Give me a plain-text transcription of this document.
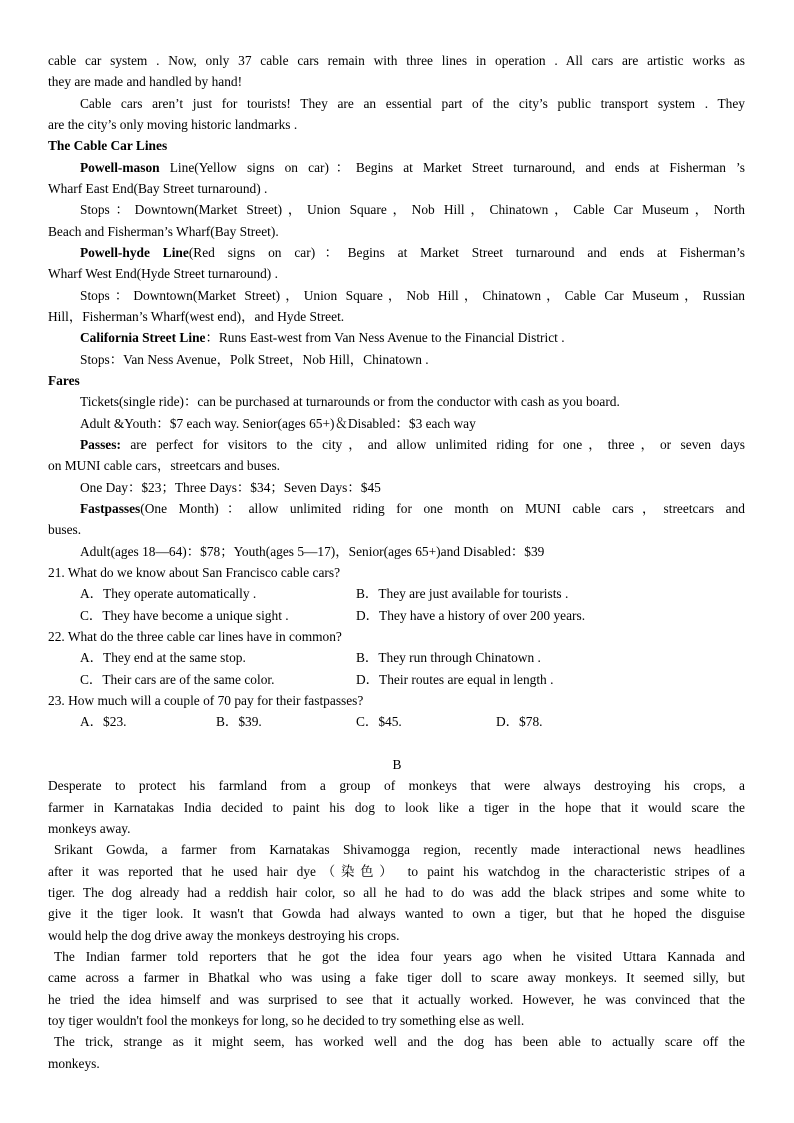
cable car system . Now, only 37 cable cars remain with three lines in operation . All cars are artistic works as
they are made and handled by hand!
Cable cars aren’t just for tourists! They are an essential part of the city’s public transport system . They
are the city’s only moving historic landmarks .
The Cable Car Lines
Powell-mason Line(Yellow signs on car)：Begins at Market Street turnaround, and ends at Fisherman ’s
Wharf East End(Bay Street turnaround) .
Stops：Downtown(Market Street)，Union Square，Nob Hill，Chinatown，Cable Car Museum，North
Beach and Fisherman’s Wharf(Bay Street).
Powell-hyde Line(Red signs on car)：Begins at Market Street turnaround and ends at Fisherman’s
Wharf West End(Hyde Street turnaround) .
Stops：Downtown(Market Street)，Union Square，Nob Hill，Chinatown，Cable Car Museum，Russian
Hill，Fisherman’s Wharf(west end)，and Hyde Street.
California Street Line：Runs East-west from Van Ness Avenue to the Financial District .
Stops：Van Ness Avenue，Polk Street，Nob Hill，Chinatown .
Fares
Tickets(single ride)：can be purchased at turnarounds or from the conductor with cash as you board.
Adult &Youth：$7 each way. Senior(ages 65+)＆Disabled：$3 each way
Passes: are perfect for visitors to the city，and allow unlimited riding for one，three，or seven days
on MUNI cable cars，streetcars and buses.
One Day：$23；Three Days：$34；Seven Days：$45
Fastpasses(One Month)：allow unlimited riding for one month on MUNI cable cars，streetcars and
buses.
Adult(ages 18—64)：$78；Youth(ages 5—17)，Senior(ages 65+)and Disabled：$39
21. What do we know about San Francisco cable cars?
A．They operate automatically .	B．They are just available for tourists .
C．They have become a unique sight .	D．They have a history of over 200 years.
22. What do the three cable car lines have in common?
A．They end at the same stop.	B．They run through Chinatown .
C．Their cars are of the same color.	D．Their routes are equal in length .
23. How much will a couple of 70 pay for their fastpasses?
A．$23.	B．$39.	C．$45.	D．$78.
B
Desperate to protect his farmland from a group of monkeys that were always destroying his crops, a
farmer in Karnatakas India decided to paint his dog to look like a tiger in the hope that it would scare the
monkeys away.
Srikant Gowda, a farmer from Karnatakas Shivamogga region, recently made interactional news headlines
after it was reported that he used hair dye（染色） to paint his watchdog in the characteristic stripes of a
tiger. The dog already had a reddish hair color, so all he had to do was add the black stripes and some white to
give it the tiger look. It wasn't that Gowda had always wanted to own a tiger, but that he hoped the disguise
would help the dog drive away the monkeys destroying his crops.
The Indian farmer told reporters that he got the idea four years ago when he visited Uttara Kannada and
came across a farmer in Bhatkal who was using a fake tiger doll to scare away monkeys. It seemed silly, but
he tried the idea himself and was surprised to see that it actually worked. However, he was convinced that the
toy tiger wouldn't fool the monkeys for long, so he decided to try something else as well.
The trick, strange as it might seem, has worked well and the dog has been able to actually scare off the
monkeys.
